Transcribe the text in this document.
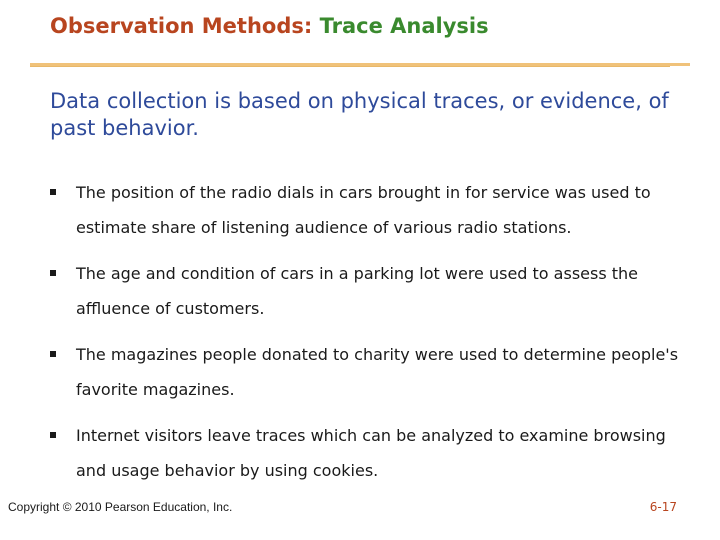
Observation Methods: Trace Analysis
Data collection is based on physical traces, or evidence, of past behavior.
The position of the radio dials in cars brought in for service was used to estimate share of listening audience of various radio stations.
The age and condition of cars in a parking lot were used to assess the affluence of customers.
The magazines people donated to charity were used to determine people's favorite magazines.
Internet visitors leave traces which can be analyzed to examine browsing and usage behavior by using cookies.
Copyright © 2010 Pearson Education, Inc.	6-17
